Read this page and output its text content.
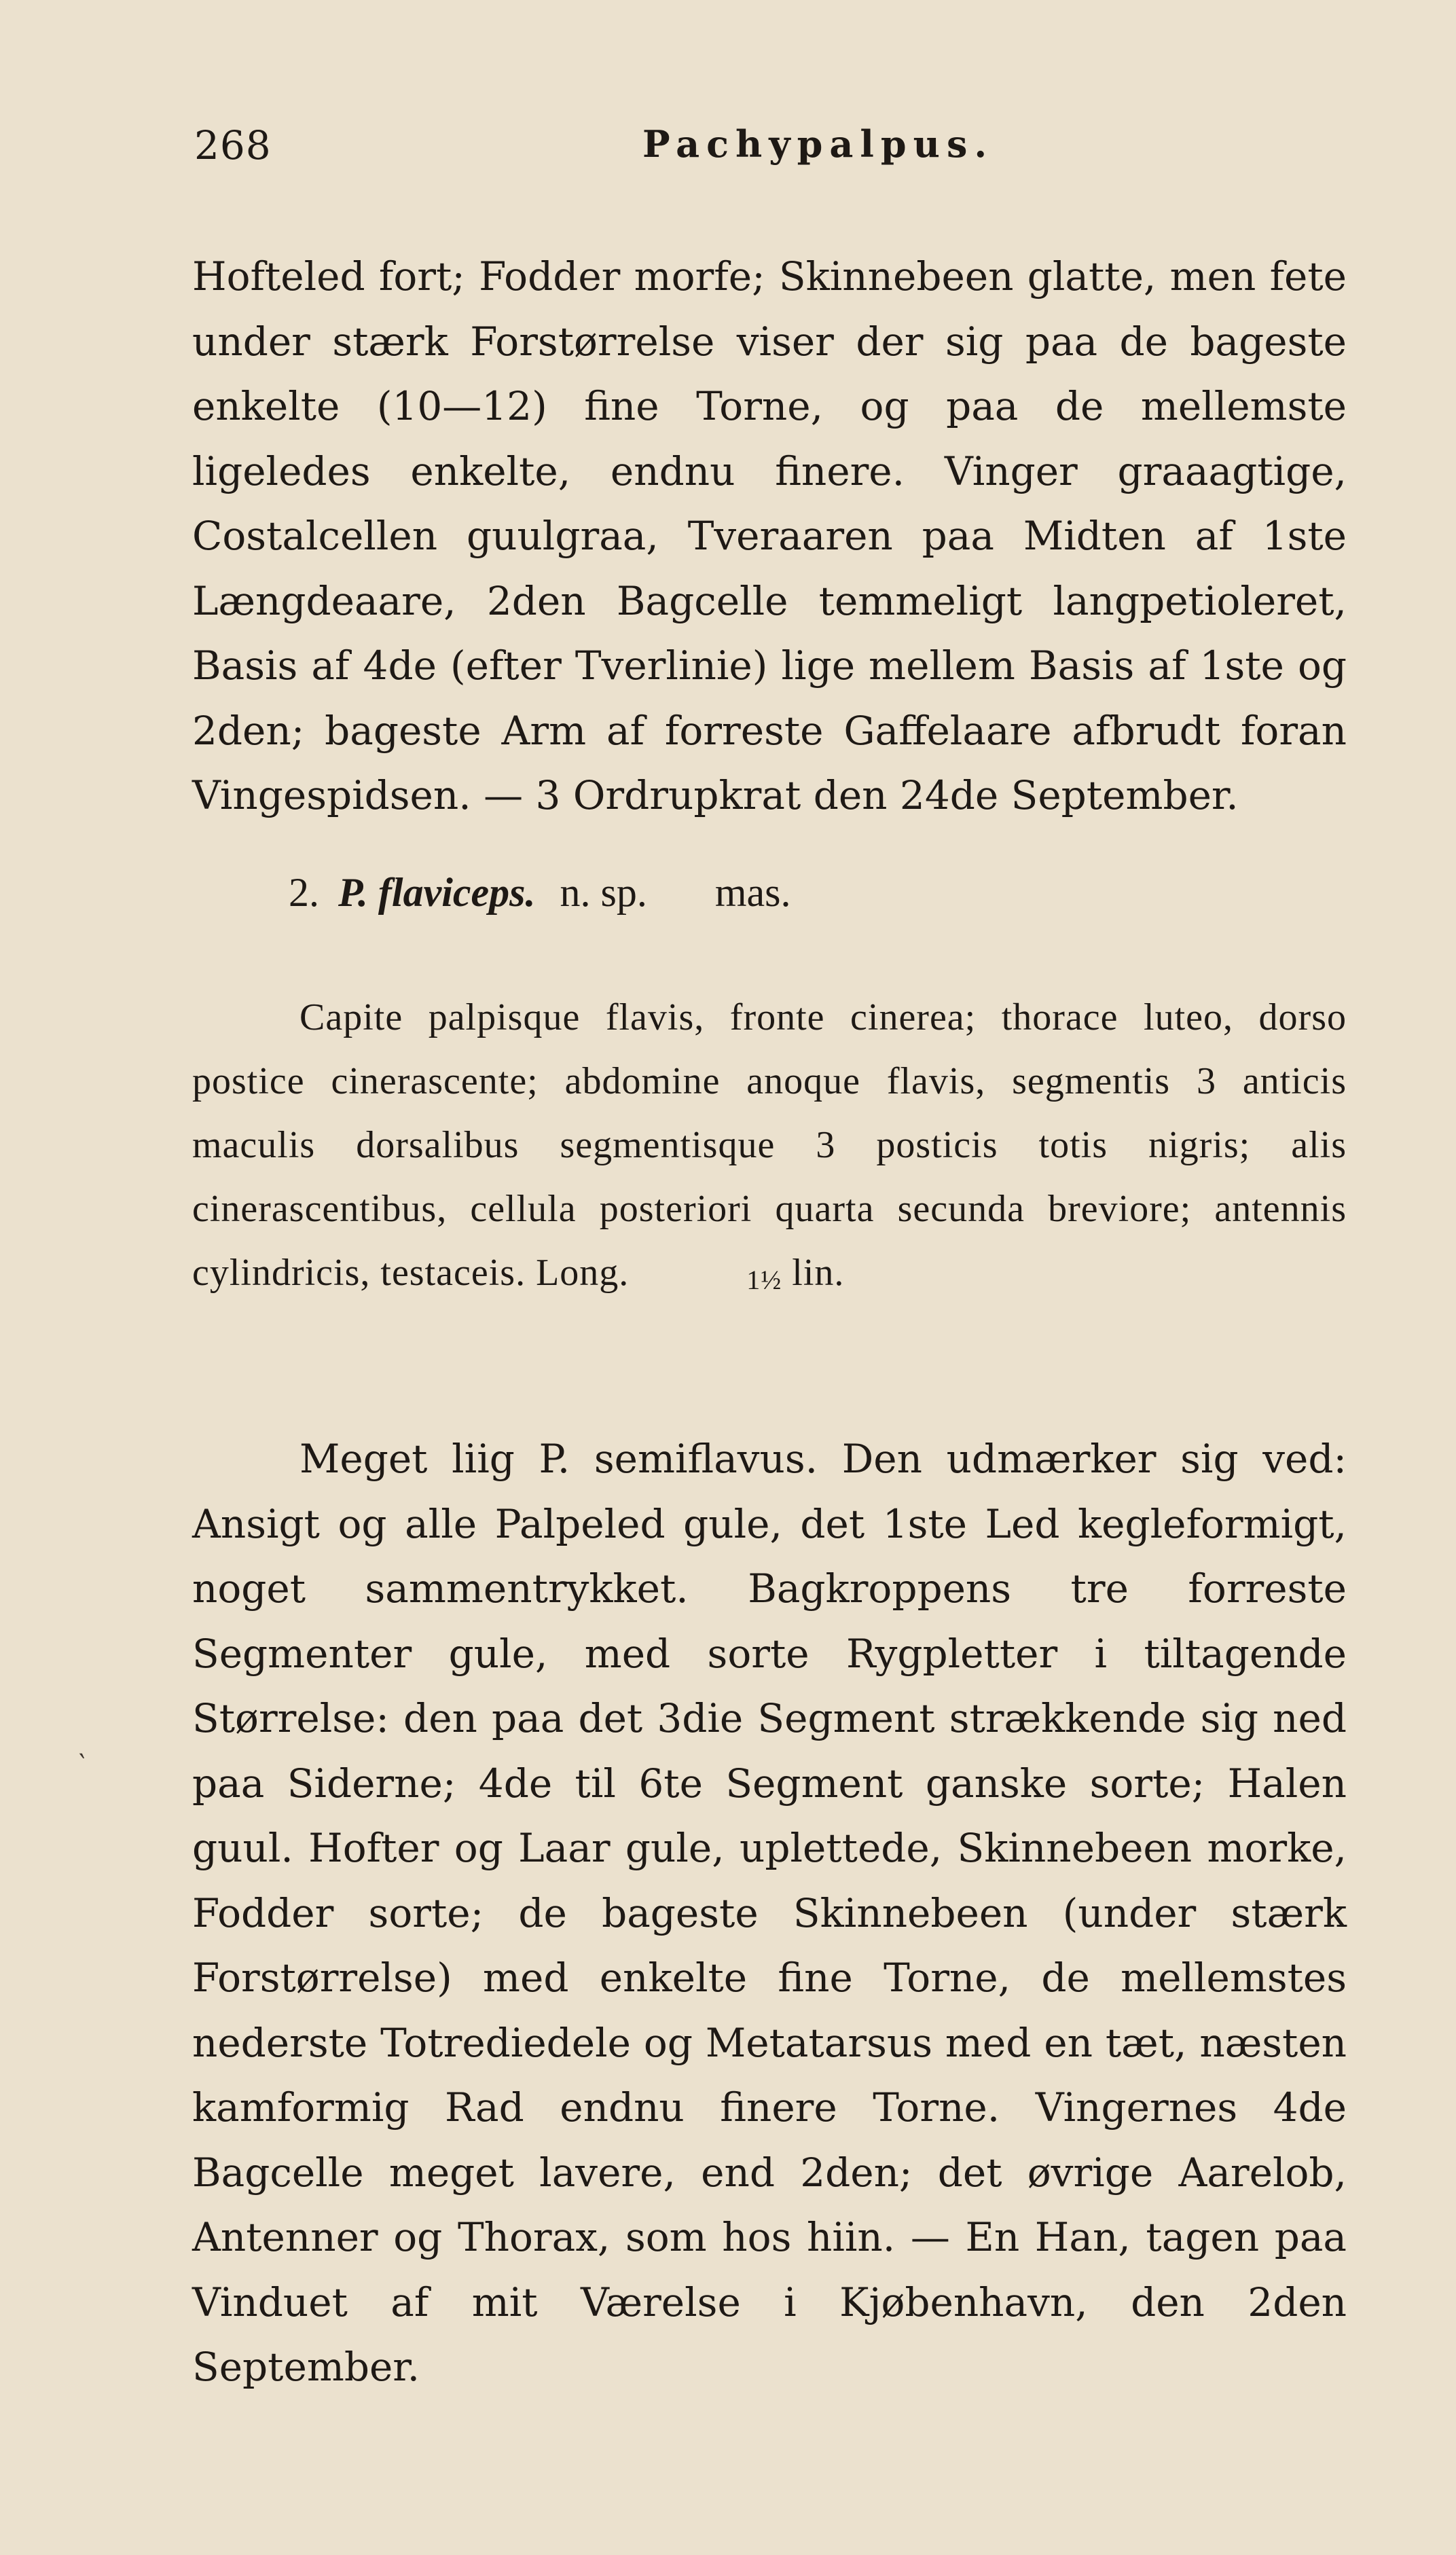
268	Pachypalpus.

Hofteled fort; Fodder morfe; Skinnebeen glatte, men fete under stærk Forstørrelse viser der sig paa de bageste enkelte (10—12) fine Torne, og paa de mellemste ligeledes enkelte, endnu finere. Vinger graaagtige, Costalcellen guulgraa, Tveraaren paa Midten af 1ste Længdeaare, 2den Bagcelle temmeligt langpetioleret, Basis af 4de (efter Tverlinie) lige mellem Basis af 1ste og 2den; bageste Arm af forreste Gaffelaare afbrudt foran Vingespidsen. — 3 Ordrupkrat den 24de September.

2. P. flaviceps. n. sp. mas.

Capite palpisque flavis, fronte cinerea; thorace luteo, dorso postice cinerascente; abdomine anoque flavis, segmentis 3 anticis maculis dorsalibus segmentisque 3 posticis totis nigris; alis cinerascentibus, cellula posteriori quarta secunda breviore; antennis cylindricis, testaceis. Long.	1½ lin.

Meget liig P. semiflavus. Den udmærker sig ved: Ansigt og alle Palpeled gule, det 1ste Led kegleformigt, noget sammentrykket. Bagkroppens tre forreste Segmenter gule, med sorte Rygpletter i tiltagende Størrelse: den paa det 3die Segment strækkende sig ned paa Siderne; 4de til 6te Segment ganske sorte; Halen guul. Hofter og Laar gule, uplettede, Skinnebeen morke, Fodder sorte; de bageste Skinnebeen (under stærk Forstørrelse) med enkelte fine Torne, de mellemstes nederste Totrediedele og Metatarsus med en tæt, næsten kamformig Rad endnu finere Torne. Vingernes 4de Bagcelle meget lavere, end 2den; det øvrige Aarelob, Antenner og Thorax, som hos hiin. — En Han, tagen paa Vinduet af mit Værelse i Kjøbenhavn, den 2den September.

‵
